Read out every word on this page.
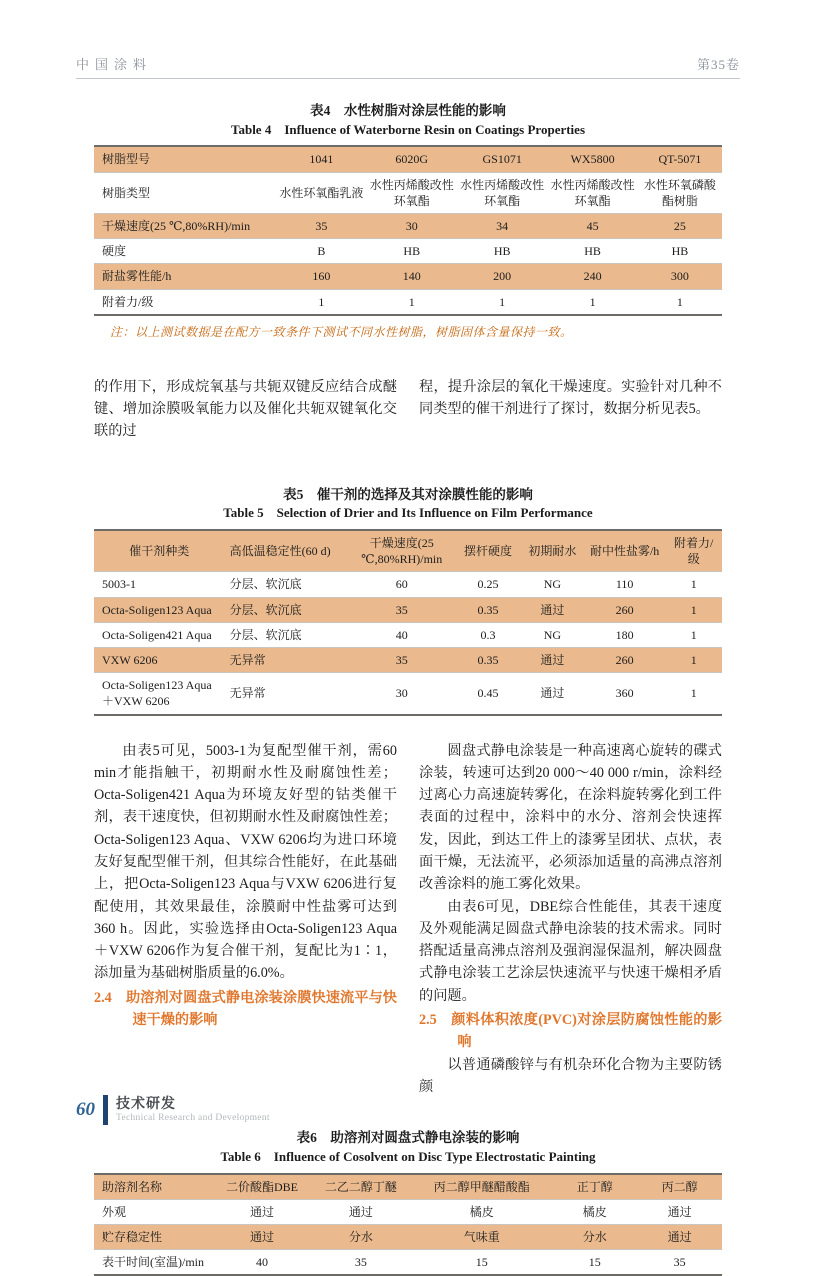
中国涂料	第35卷
表4 水性树脂对涂层性能的影响
Table 4 Influence of Waterborne Resin on Coatings Properties
树脂型号	1041	6020G	GS1071	WX5800	QT-5071
树脂类型	水性环氧酯乳液	水性丙烯酸改性环氧酯	水性丙烯酸改性环氧酯	水性丙烯酸改性环氧酯	水性环氧磷酸酯树脂
干燥速度(25 ℃,80%RH)/min	35	30	34	45	25
硬度	B	HB	HB	HB	HB
耐盐雾性能/h	160	140	200	240	300
附着力/级	1	1	1	1	1
注：以上测试数据是在配方一致条件下测试不同水性树脂，树脂固体含量保持一致。

的作用下，形成烷氧基与共轭双键反应结合成醚键、增加涂膜吸氧能力以及催化共轭双键氧化交联的过

程，提升涂层的氧化干燥速度。实验针对几种不同类型的催干剂进行了探讨，数据分析见表5。

表5 催干剂的选择及其对涂膜性能的影响
Table 5 Selection of Drier and Its Influence on Film Performance
催干剂种类	高低温稳定性(60 d)	干燥速度(25 ℃,80%RH)/min	摆杆硬度	初期耐水	耐中性盐雾/h	附着力/级
5003-1	分层、软沉底	60	0.25	NG	110	1
Octa-Soligen123 Aqua	分层、软沉底	35	0.35	通过	260	1
Octa-Soligen421 Aqua	分层、软沉底	40	0.3	NG	180	1
VXW 6206	无异常	35	0.35	通过	260	1
Octa-Soligen123 Aqua ＋VXW 6206	无异常	30	0.45	通过	360	1

由表5可见，5003-1为复配型催干剂，需60 min才能指触干，初期耐水性及耐腐蚀性差；Octa-Soligen421 Aqua为环境友好型的钴类催干剂，表干速度快，但初期耐水性及耐腐蚀性差；Octa-Soligen123 Aqua、VXW 6206均为进口环境友好复配型催干剂，但其综合性能好，在此基础上，把Octa-Soligen123 Aqua与VXW 6206进行复配使用，其效果最佳，涂膜耐中性盐雾可达到360 h。因此，实验选择由Octa-Soligen123 Aqua＋VXW 6206作为复合催干剂，复配比为1∶1，添加量为基础树脂质量的6.0%。

2.4 助溶剂对圆盘式静电涂装涂膜快速流平与快速干燥的影响

圆盘式静电涂装是一种高速离心旋转的碟式涂装，转速可达到20 000～40 000 r/min，涂料经过离心力高速旋转雾化，在涂料旋转雾化到工件表面的过程中，涂料中的水分、溶剂会快速挥发，因此，到达工件上的漆雾呈团状、点状，表面干燥，无法流平，必须添加适量的高沸点溶剂改善涂料的施工雾化效果。

由表6可见，DBE综合性能佳，其表干速度及外观能满足圆盘式静电涂装的技术需求。同时搭配适量高沸点溶剂及强润湿保温剂，解决圆盘式静电涂装工艺涂层快速流平与快速干燥相矛盾的问题。

2.5 颜料体积浓度(PVC)对涂层防腐蚀性能的影响

以普通磷酸锌与有机杂环化合物为主要防锈颜

表6 助溶剂对圆盘式静电涂装的影响
Table 6 Influence of Cosolvent on Disc Type Electrostatic Painting
助溶剂名称	二价酸酯DBE	二乙二醇丁醚	丙二醇甲醚醋酸酯	正丁醇	丙二醇
外观	通过	通过	橘皮	橘皮	通过
贮存稳定性	通过	分水	气味重	分水	通过
表干时间(室温)/min	40	35	15	15	35
60 技术研发
Technical Research and Development
